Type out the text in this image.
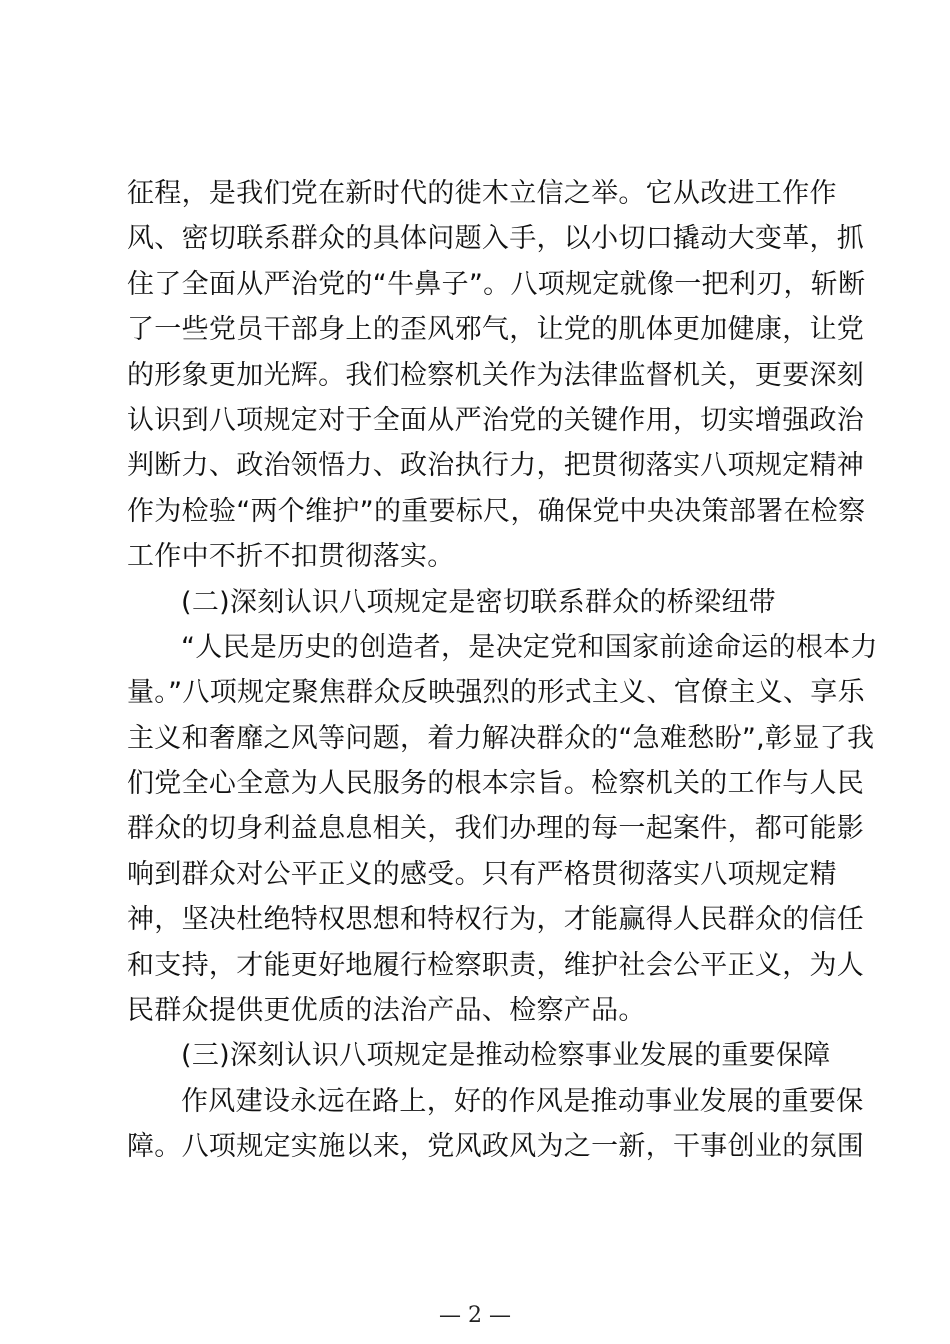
征程，是我们党在新时代的徙木立信之举。它从改进工作作
风、密切联系群众的具体问题入手，以小切口撬动大变革，抓
住了全面从严治党的“牛鼻子”。八项规定就像一把利刃，斩断
了一些党员干部身上的歪风邪气，让党的肌体更加健康，让党
的形象更加光辉。我们检察机关作为法律监督机关，更要深刻
认识到八项规定对于全面从严治党的关键作用，切实增强政治
判断力、政治领悟力、政治执行力，把贯彻落实八项规定精神
作为检验“两个维护”的重要标尺，确保党中央决策部署在检察
工作中不折不扣贯彻落实。
(二)深刻认识八项规定是密切联系群众的桥梁纽带
“人民是历史的创造者，是决定党和国家前途命运的根本力
量。”八项规定聚焦群众反映强烈的形式主义、官僚主义、享乐
主义和奢靡之风等问题，着力解决群众的“急难愁盼”,彰显了我
们党全心全意为人民服务的根本宗旨。检察机关的工作与人民
群众的切身利益息息相关，我们办理的每一起案件，都可能影
响到群众对公平正义的感受。只有严格贯彻落实八项规定精
神，坚决杜绝特权思想和特权行为，才能赢得人民群众的信任
和支持，才能更好地履行检察职责，维护社会公平正义，为人
民群众提供更优质的法治产品、检察产品。
(三)深刻认识八项规定是推动检察事业发展的重要保障
作风建设永远在路上，好的作风是推动事业发展的重要保
障。八项规定实施以来，党风政风为之一新，干事创业的氛围
— 2 —
